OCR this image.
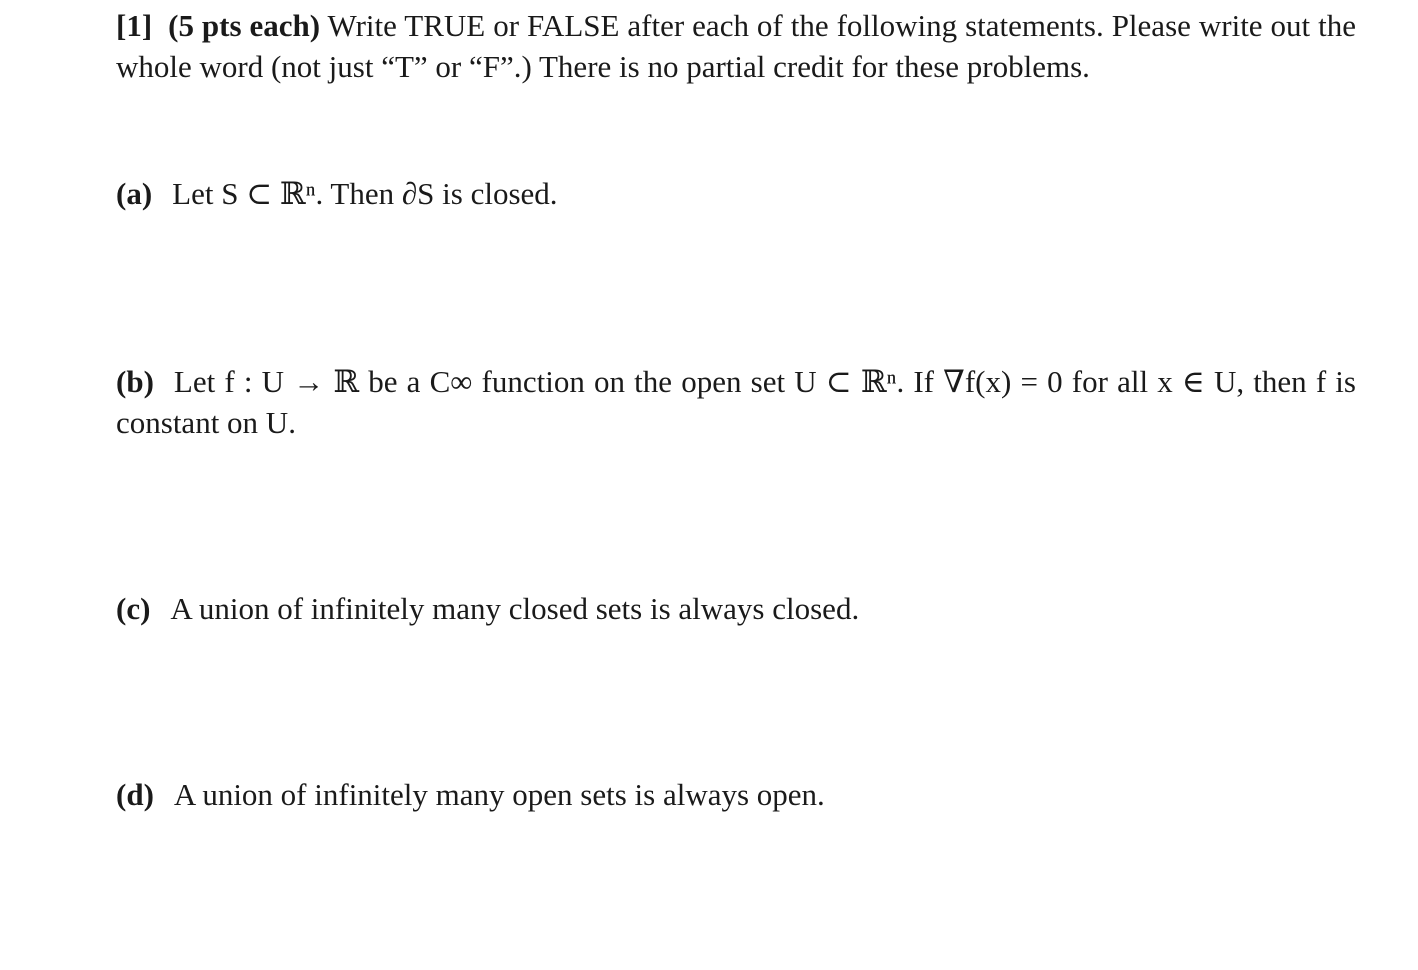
[1] (5 pts each) Write TRUE or FALSE after each of the following statements. Please write out the whole word (not just “T” or “F”.) There is no partial credit for these problems.

(a) Let S ⊂ ℝⁿ. Then ∂S is closed.

(b) Let f : U → ℝ be a C∞ function on the open set U ⊂ ℝⁿ. If ∇f(x) = 0 for all x ∈ U, then f is constant on U.

(c) A union of infinitely many closed sets is always closed.

(d) A union of infinitely many open sets is always open.
